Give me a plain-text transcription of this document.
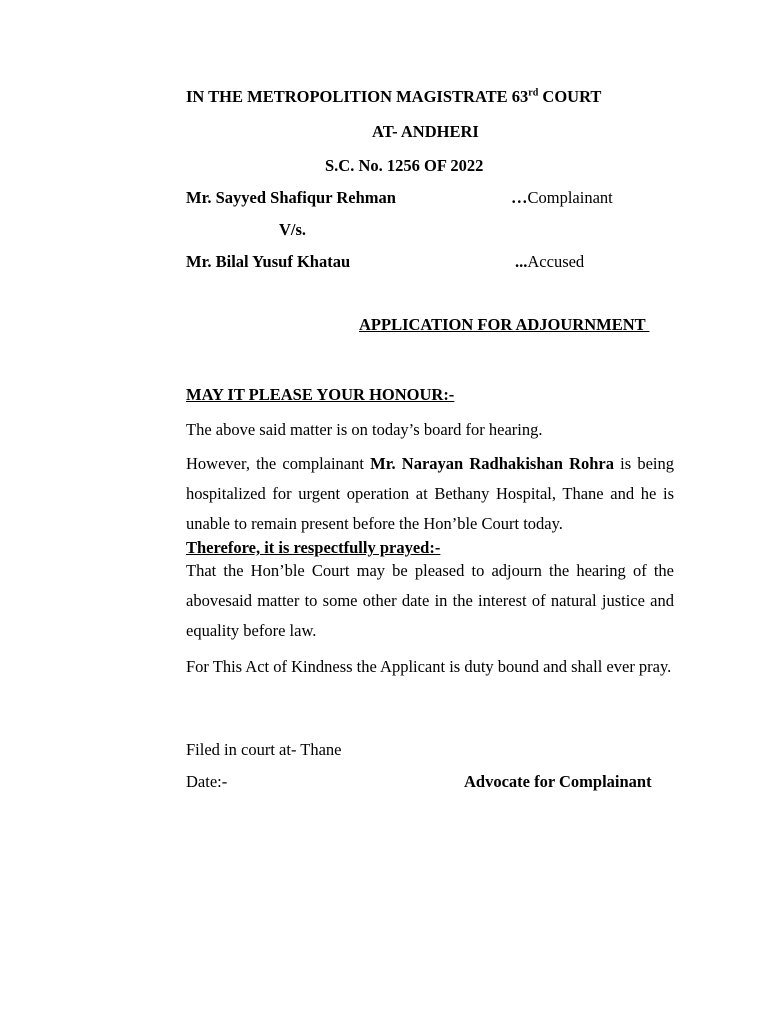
IN THE METROPOLITION MAGISTRATE 63rd COURT
AT- ANDHERI
S.C. No. 1256 OF 2022
Mr. Sayyed Shafiqur Rehman	…Complainant
V/s.
Mr. Bilal Yusuf Khatau	...Accused
APPLICATION FOR ADJOURNMENT
MAY IT PLEASE YOUR HONOUR:-
The above said matter is on today’s board for hearing.
However, the complainant Mr. Narayan Radhakishan Rohra is being hospitalized for urgent operation at Bethany Hospital, Thane and he is unable to remain present before the Hon’ble Court today.
Therefore, it is respectfully prayed:-
That the Hon’ble Court may be pleased to adjourn the hearing of the abovesaid matter to some other date in the interest of natural justice and equality before law.
For This Act of Kindness the Applicant is duty bound and shall ever pray.
Filed in court at- Thane
Date:-	Advocate for Complainant
